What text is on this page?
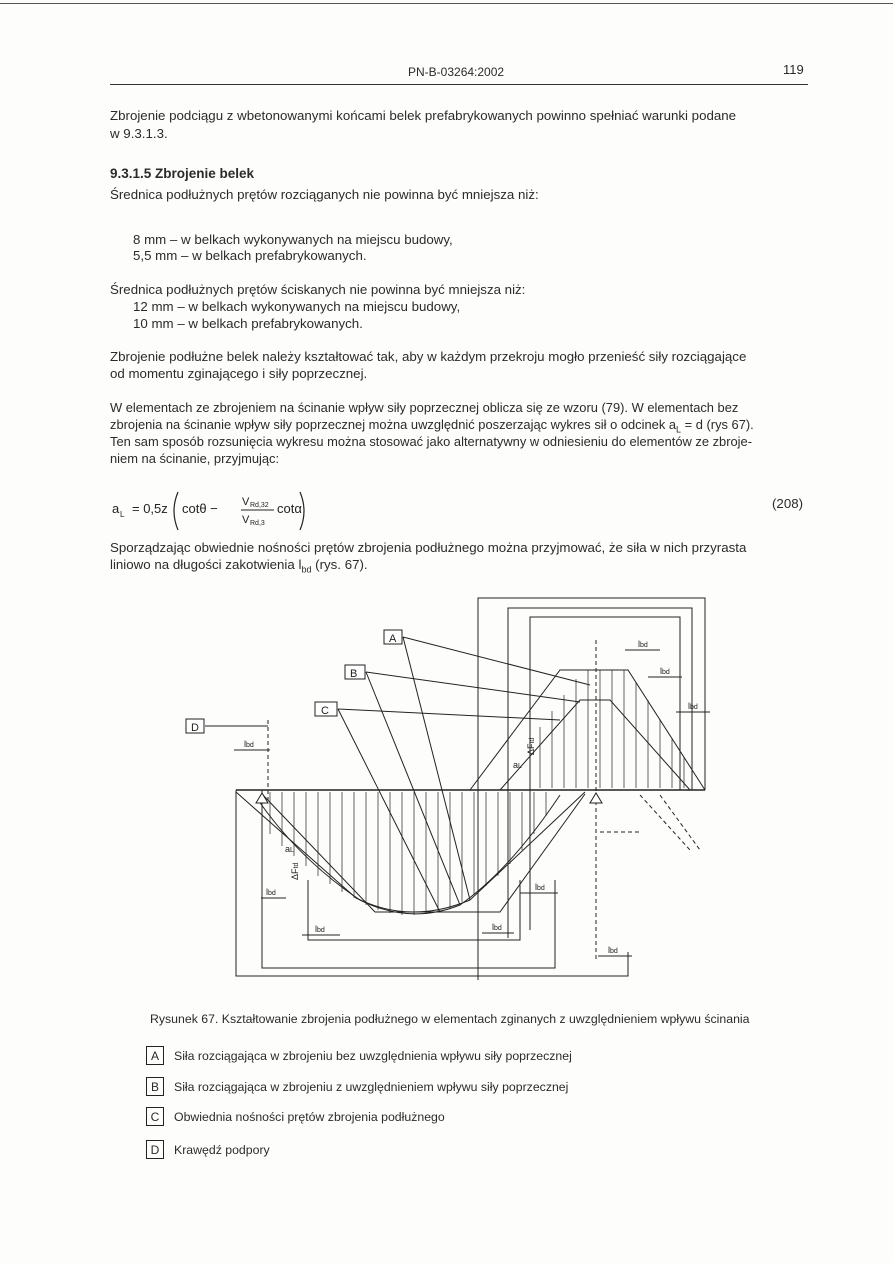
PN-B-03264:2002	119
Zbrojenie podciągu z wbetonowanymi końcami belek prefabrykowanych powinno spełniać warunki podane
w 9.3.1.3.
9.3.1.5 Zbrojenie belek
Średnica podłużnych prętów rozciąganych nie powinna być mniejsza niż:
8 mm – w belkach wykonywanych na miejscu budowy,
5,5 mm – w belkach prefabrykowanych.
Średnica podłużnych prętów ściskanych nie powinna być mniejsza niż:
12 mm – w belkach wykonywanych na miejscu budowy,
10 mm – w belkach prefabrykowanych.
Zbrojenie podłużne belek należy kształtować tak, aby w każdym przekroju mogło przenieść siły rozciągające
od momentu zginającego i siły poprzecznej.
W elementach ze zbrojeniem na ścinanie wpływ siły poprzecznej oblicza się ze wzoru (79). W elementach bez
zbrojenia na ścinanie wpływ siły poprzecznej można uwzględnić poszerzając wykres sił o odcinek $a_L = d$ (rys 67).
Ten sam sposób rozsunięcia wykresu można stosować jako alternatywny w odniesieniu do elementów ze zbroje-
niem na ścinanie, przyjmując:
a L = 0,5z cotθ − V Rd,32
V Rd,3
cotα	(208)
Sporządzając obwiednie nośności prętów zbrojenia podłużnego można przyjmować, że siła w nich przyrasta
liniowo na długości zakotwienia $l_{bd}$ (rys. 67).
A
B
C
D
lbd
lbd
lbd	lbd
lbd
lbd
lbd
lbd
lbd
aL
aL
ΔFtd
ΔFtd
Rysunek 67. Kształtowanie zbrojenia podłużnego w elementach zginanych z uwzględnieniem wpływu ścinania
A	Siła rozciągająca w zbrojeniu bez uwzględnienia wpływu siły poprzecznej
B	Siła rozciągająca w zbrojeniu z uwzględnieniem wpływu siły poprzecznej
C	Obwiednia nośności prętów zbrojenia podłużnego
D	Krawędź podpory
